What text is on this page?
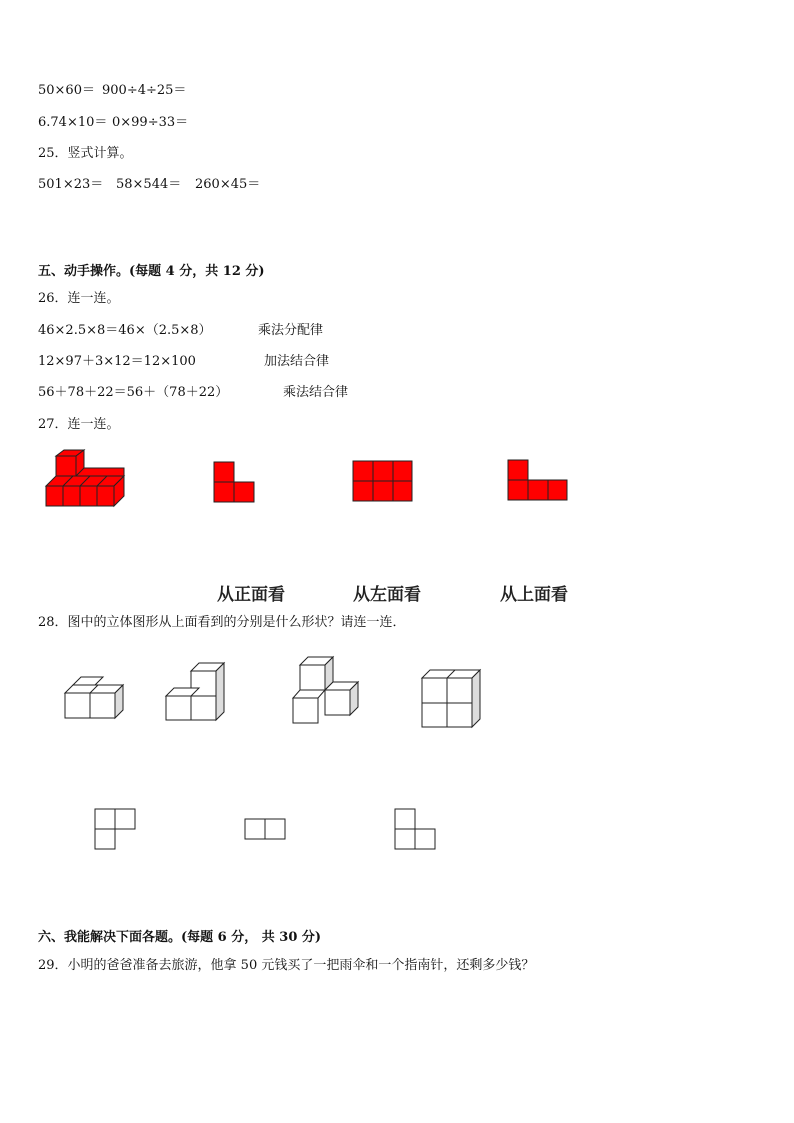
50×60＝ 900÷4÷25＝
6.74×10＝ 0×99÷33＝
25．竖式计算。
501×23＝ 58×544＝ 260×45＝
五、动手操作。(每题 4 分，共 12 分)
26．连一连。
46×2.5×8＝46×（2.5×8）	乘法分配律
12×97＋3×12＝12×100	加法结合律
56＋78＋22＝56＋（78＋22）	乘法结合律
27．连一连。
从正面看	从左面看	从上面看
28．图中的立体图形从上面看到的分别是什么形状？请连一连．
六、我能解决下面各题。(每题 6 分， 共 30 分)
29．小明的爸爸准备去旅游，他拿 50 元钱买了一把雨伞和一个指南针，还剩多少钱？
